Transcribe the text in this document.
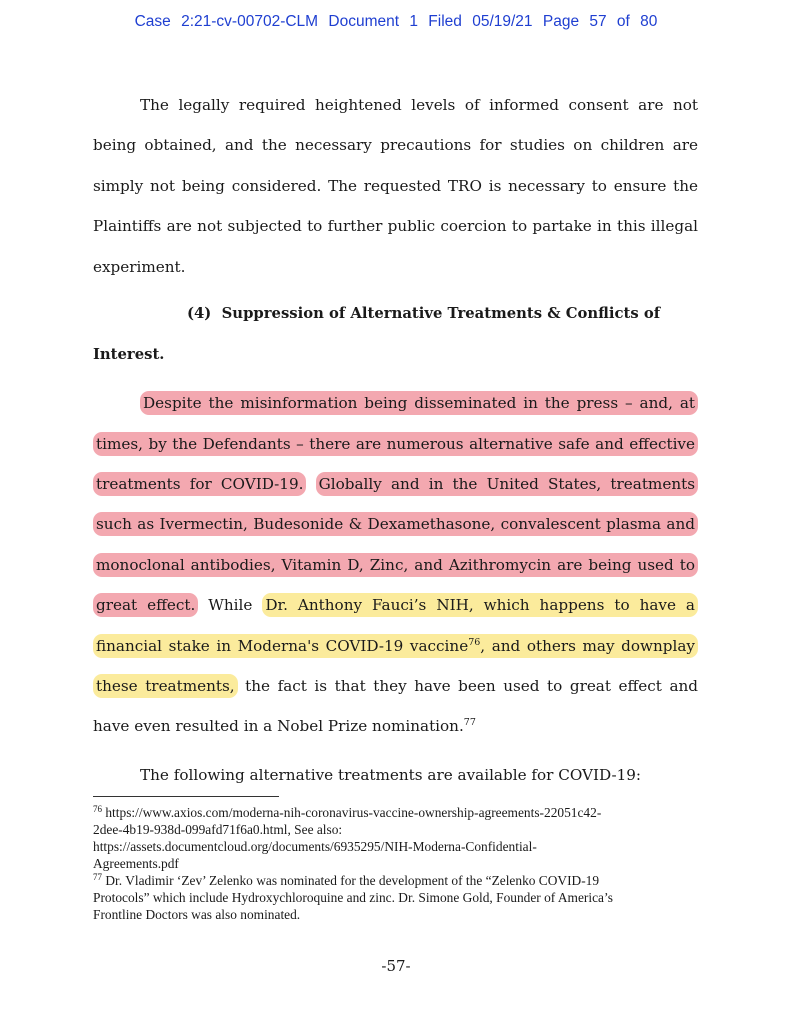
Case 2:21-cv-00702-CLM Document 1 Filed 05/19/21 Page 57 of 80
The legally required heightened levels of informed consent are not
being obtained, and the necessary precautions for studies on children are
simply not being considered. The requested TRO is necessary to ensure the
Plaintiffs are not subjected to further public coercion to partake in this illegal
experiment.
(4) Suppression of Alternative Treatments & Conflicts of
Interest.
Despite the misinformation being disseminated in the press – and, at
times, by the Defendants – there are numerous alternative safe and effective
treatments for COVID-19. Globally and in the United States, treatments
such as Ivermectin, Budesonide & Dexamethasone, convalescent plasma and
monoclonal antibodies, Vitamin D, Zinc, and Azithromycin are being used to
great effect. While Dr. Anthony Fauci’s NIH, which happens to have a
financial stake in Moderna's COVID-19 vaccine$^{76}$, and others may downplay
these treatments, the fact is that they have been used to great effect and
have even resulted in a Nobel Prize nomination.$^{77}$
The following alternative treatments are available for COVID-19:
$^{76}$ https://www.axios.com/moderna-nih-coronavirus-vaccine-ownership-agreements-22051c42-
2dee-4b19-938d-099afd71f6a0.html, See also:
https://assets.documentcloud.org/documents/6935295/NIH-Moderna-Confidential-
Agreements.pdf
$^{77}$ Dr. Vladimir ‘Zev’ Zelenko was nominated for the development of the “Zelenko COVID-19
Protocols” which include Hydroxychloroquine and zinc. Dr. Simone Gold, Founder of America’s
Frontline Doctors was also nominated.
-57-
